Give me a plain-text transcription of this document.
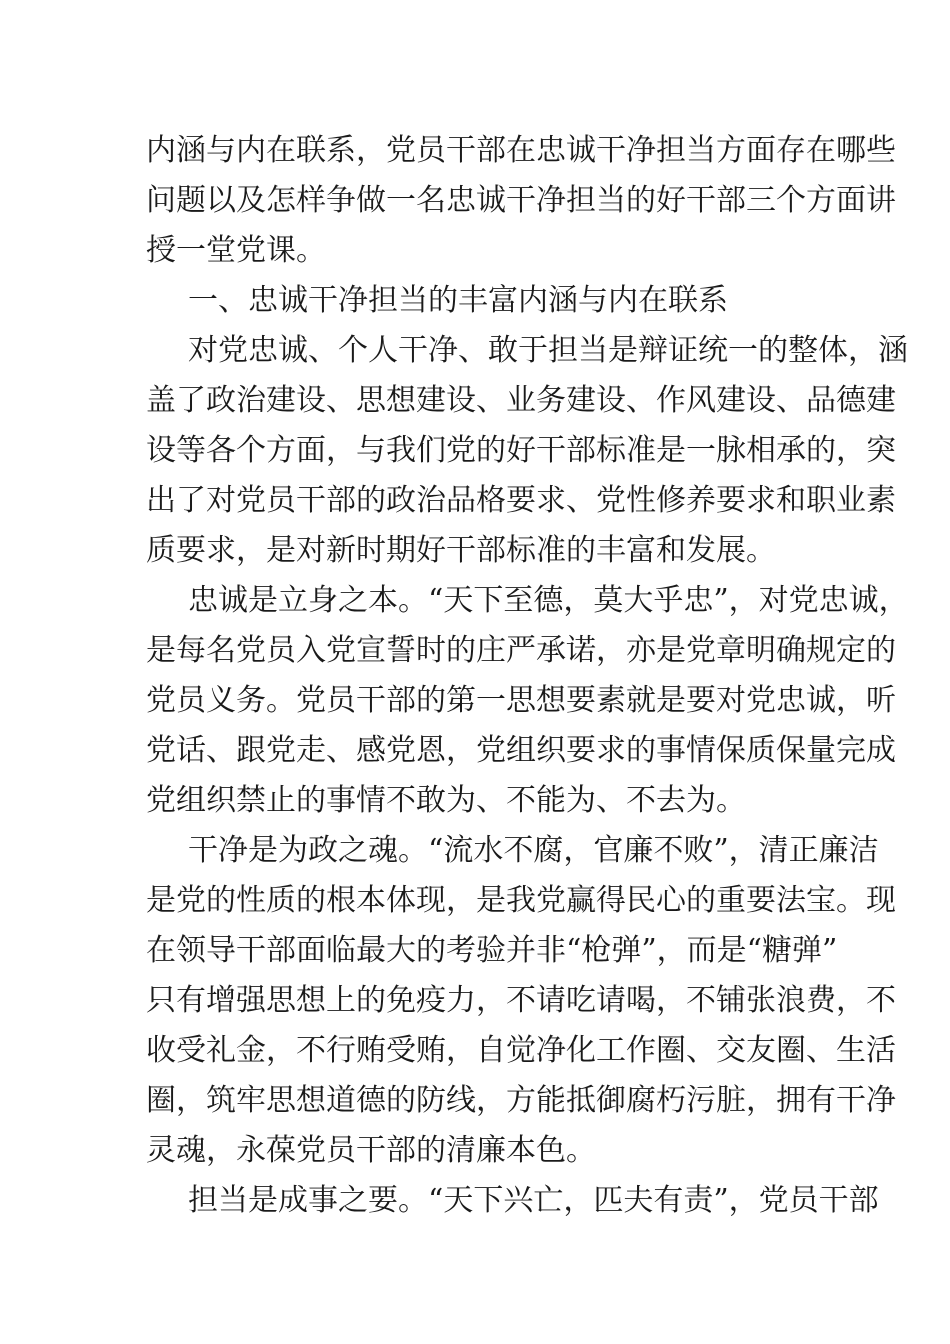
内涵与内在联系，党员干部在忠诚干净担当方面存在哪些
问题以及怎样争做一名忠诚干净担当的好干部三个方面讲
授一堂党课。
一、忠诚干净担当的丰富内涵与内在联系
对党忠诚、个人干净、敢于担当是辩证统一的整体，涵
盖了政治建设、思想建设、业务建设、作风建设、品德建
设等各个方面，与我们党的好干部标准是一脉相承的，突
出了对党员干部的政治品格要求、党性修养要求和职业素
质要求，是对新时期好干部标准的丰富和发展。
忠诚是立身之本。“天下至德，莫大乎忠”，对党忠诚，
是每名党员入党宣誓时的庄严承诺，亦是党章明确规定的
党员义务。党员干部的第一思想要素就是要对党忠诚，听
党话、跟党走、感党恩，党组织要求的事情保质保量完成
党组织禁止的事情不敢为、不能为、不去为。
干净是为政之魂。“流水不腐，官廉不败”，清正廉洁
是党的性质的根本体现，是我党赢得民心的重要法宝。现
在领导干部面临最大的考验并非“枪弹”，而是“糖弹”
只有增强思想上的免疫力，不请吃请喝，不铺张浪费，不
收受礼金，不行贿受贿，自觉净化工作圈、交友圈、生活
圈，筑牢思想道德的防线，方能抵御腐朽污脏，拥有干净
灵魂，永葆党员干部的清廉本色。
担当是成事之要。“天下兴亡，匹夫有责”，党员干部
